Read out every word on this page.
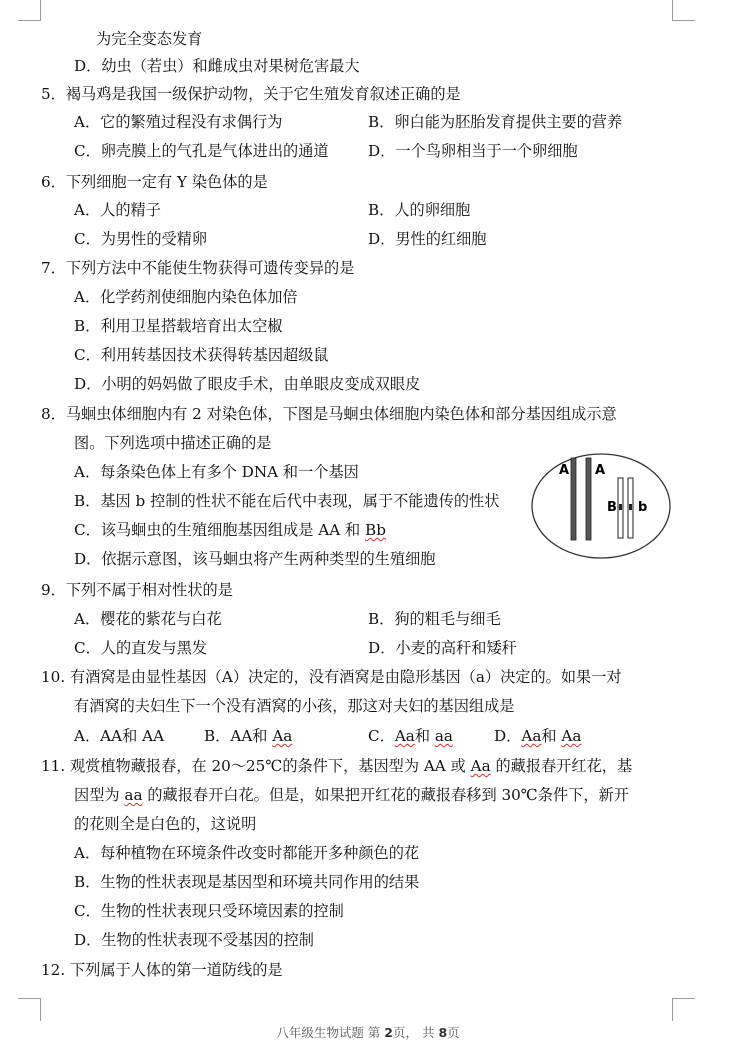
为完全变态发育
D．幼虫（若虫）和雌成虫对果树危害最大
5．褐马鸡是我国一级保护动物，关于它生殖发育叙述正确的是
A．它的繁殖过程没有求偶行为	B．卵白能为胚胎发育提供主要的营养
C．卵壳膜上的气孔是气体进出的通道	D．一个鸟卵相当于一个卵细胞
6．下列细胞一定有 Y 染色体的是
A．人的精子	B．人的卵细胞
C．为男性的受精卵	D．男性的红细胞
7．下列方法中不能使生物获得可遗传变异的是
A．化学药剂使细胞内染色体加倍
B．利用卫星搭载培育出太空椒
C．利用转基因技术获得转基因超级鼠
D．小明的妈妈做了眼皮手术，由单眼皮变成双眼皮
8．马蛔虫体细胞内有 2 对染色体，下图是马蛔虫体细胞内染色体和部分基因组成示意
图。下列选项中描述正确的是
A．每条染色体上有多个 DNA 和一个基因
B．基因 b 控制的性状不能在后代中表现，属于不能遗传的性状
C．该马蛔虫的生殖细胞基因组成是 AA 和 Bb
D．依据示意图，该马蛔虫将产生两种类型的生殖细胞
A A
B b
9．下列不属于相对性状的是
A．樱花的紫花与白花	B．狗的粗毛与细毛
C．人的直发与黑发	D．小麦的高秆和矮秆
10. 有酒窝是由显性基因（A）决定的，没有酒窝是由隐形基因（a）决定的。如果一对
有酒窝的夫妇生下一个没有酒窝的小孩，那这对夫妇的基因组成是
A．AA和 AA	B．AA和 Aa	C．Aa和 aa	D．Aa和 Aa
11. 观赏植物藏报春，在 20～25℃的条件下，基因型为 AA 或 Aa 的藏报春开红花，基
因型为 aa 的藏报春开白花。但是，如果把开红花的藏报春移到 30℃条件下，新开
的花则全是白色的，这说明
A．每种植物在环境条件改变时都能开多种颜色的花
B．生物的性状表现是基因型和环境共同作用的结果
C．生物的性状表现只受环境因素的控制
D．生物的性状表现不受基因的控制
12. 下列属于人体的第一道防线的是
八年级生物试题 第 2页， 共 8页
